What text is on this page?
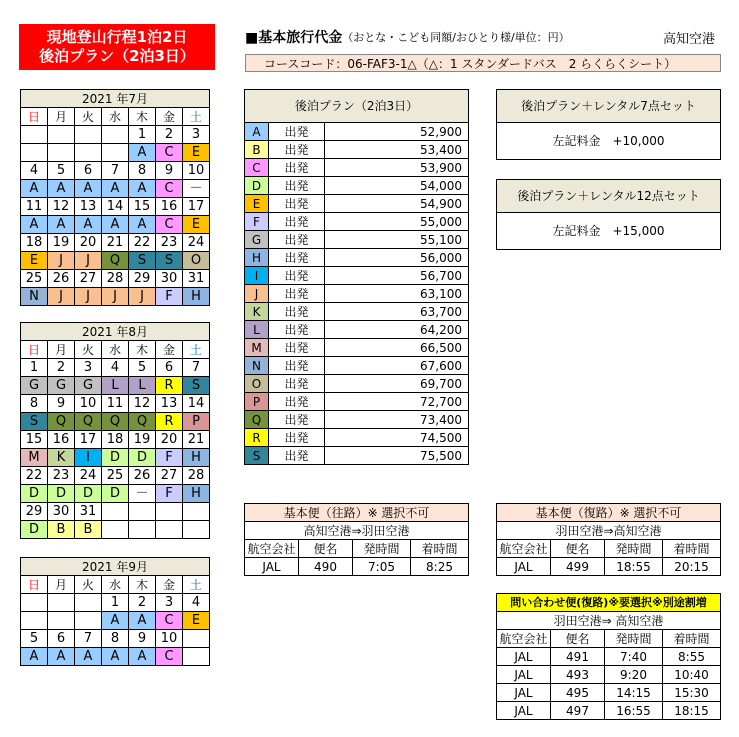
現地登山行程1泊2日
後泊プラン（2泊3日）
■基本旅行代金 （おとな・こども同額/おひとり様/単位：円）	高知空港
コースコード：06-FAF3-1△（△：1 スタンダードバス　2 らくらくシート）
2021 年7月						
日	月	火	水	木	金	土
				1	2	3
				A	C	E
4	5	6	7	8	9	10
A	A	A	A	A	C	－
11	12	13	14	15	16	17
A	A	A	A	A	C	E
18	19	20	21	22	23	24
E	J	J	Q	S	S	O
25	26	27	28	29	30	31
N	J	J	J	J	F	H
2021 年8月						
日	月	火	水	木	金	土
1	2	3	4	5	6	7
G	G	G	L	L	R	S
8	9	10	11	12	13	14
S	Q	Q	Q	Q	R	P
15	16	17	18	19	20	21
M	K	I	D	D	F	H
22	23	24	25	26	27	28
D	D	D	D	－	F	H
29	30	31				
D	B	B				
2021 年9月						
日	月	火	水	木	金	土
			1	2	3	4
			A	A	C	E
5	6	7	8	9	10	
A	A	A	A	A	C	
後泊プラン（2泊3日）		
A	出発	52,900
B	出発	53,400
C	出発	53,900
D	出発	54,000
E	出発	54,900
F	出発	55,000
G	出発	55,100
H	出発	56,000
I	出発	56,700
J	出発	63,100
K	出発	63,700
L	出発	64,200
M	出発	66,500
N	出発	67,600
O	出発	69,700
P	出発	72,700
Q	出発	73,400
R	出発	74,500
S	出発	75,500
後泊プラン＋レンタル7点セット
左記料金　+10,000
後泊プラン＋レンタル12点セット
左記料金　+15,000
基本便（往路）※ 選択不可			
高知空港⇒羽田空港			
航空会社	便名	発時間	着時間
JAL	490	7:05	8:25
基本便（復路）※ 選択不可			
羽田空港⇒高知空港			
航空会社	便名	発時間	着時間
JAL	499	18:55	20:15
問い合わせ便(復路)※要選択※別途割増			
羽田空港⇒ 高知空港			
航空会社	便名	発時間	着時間
JAL	491	7:40	8:55
JAL	493	9:20	10:40
JAL	495	14:15	15:30
JAL	497	16:55	18:15
